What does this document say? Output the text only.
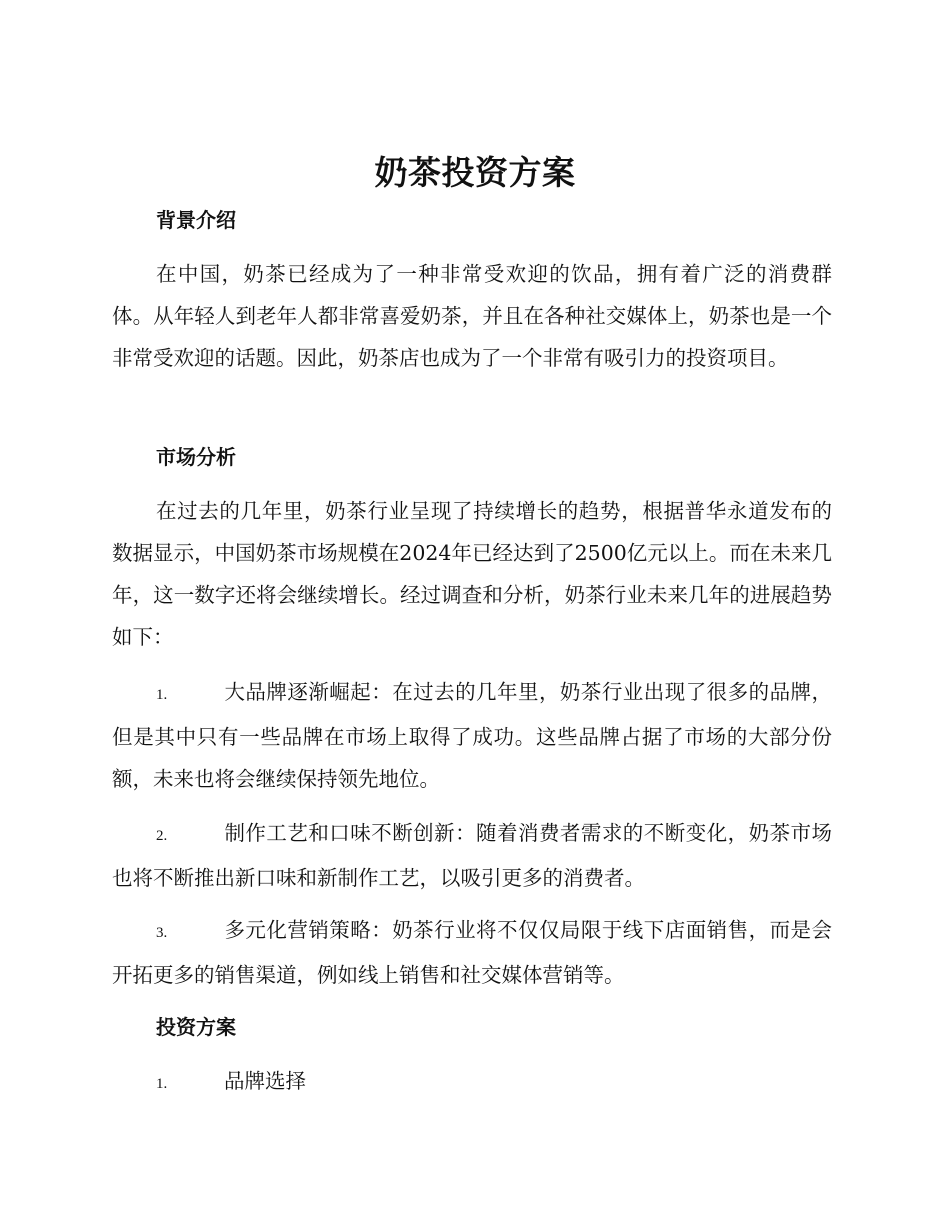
奶茶投资方案
背景介绍

在中国，奶茶已经成为了一种非常受欢迎的饮品，拥有着广泛的消费群体。从年轻人到老年人都非常喜爱奶茶，并且在各种社交媒体上，奶茶也是一个非常受欢迎的话题。因此，奶茶店也成为了一个非常有吸引力的投资项目。

市场分析

在过去的几年里，奶茶行业呈现了持续增长的趋势，根据普华永道发布的数据显示，中国奶茶市场规模在2024年已经达到了2500亿元以上。而在未来几年，这一数字还将会继续增长。经过调查和分析，奶茶行业未来几年的进展趋势如下：

1.	大品牌逐渐崛起：在过去的几年里，奶茶行业出现了很多的品牌，但是其中只有一些品牌在市场上取得了成功。这些品牌占据了市场的大部分份额，未来也将会继续保持领先地位。

2.	制作工艺和口味不断创新：随着消费者需求的不断变化，奶茶市场也将不断推出新口味和新制作工艺，以吸引更多的消费者。

3.	多元化营销策略：奶茶行业将不仅仅局限于线下店面销售，而是会开拓更多的销售渠道，例如线上销售和社交媒体营销等。

投资方案

1.	品牌选择
